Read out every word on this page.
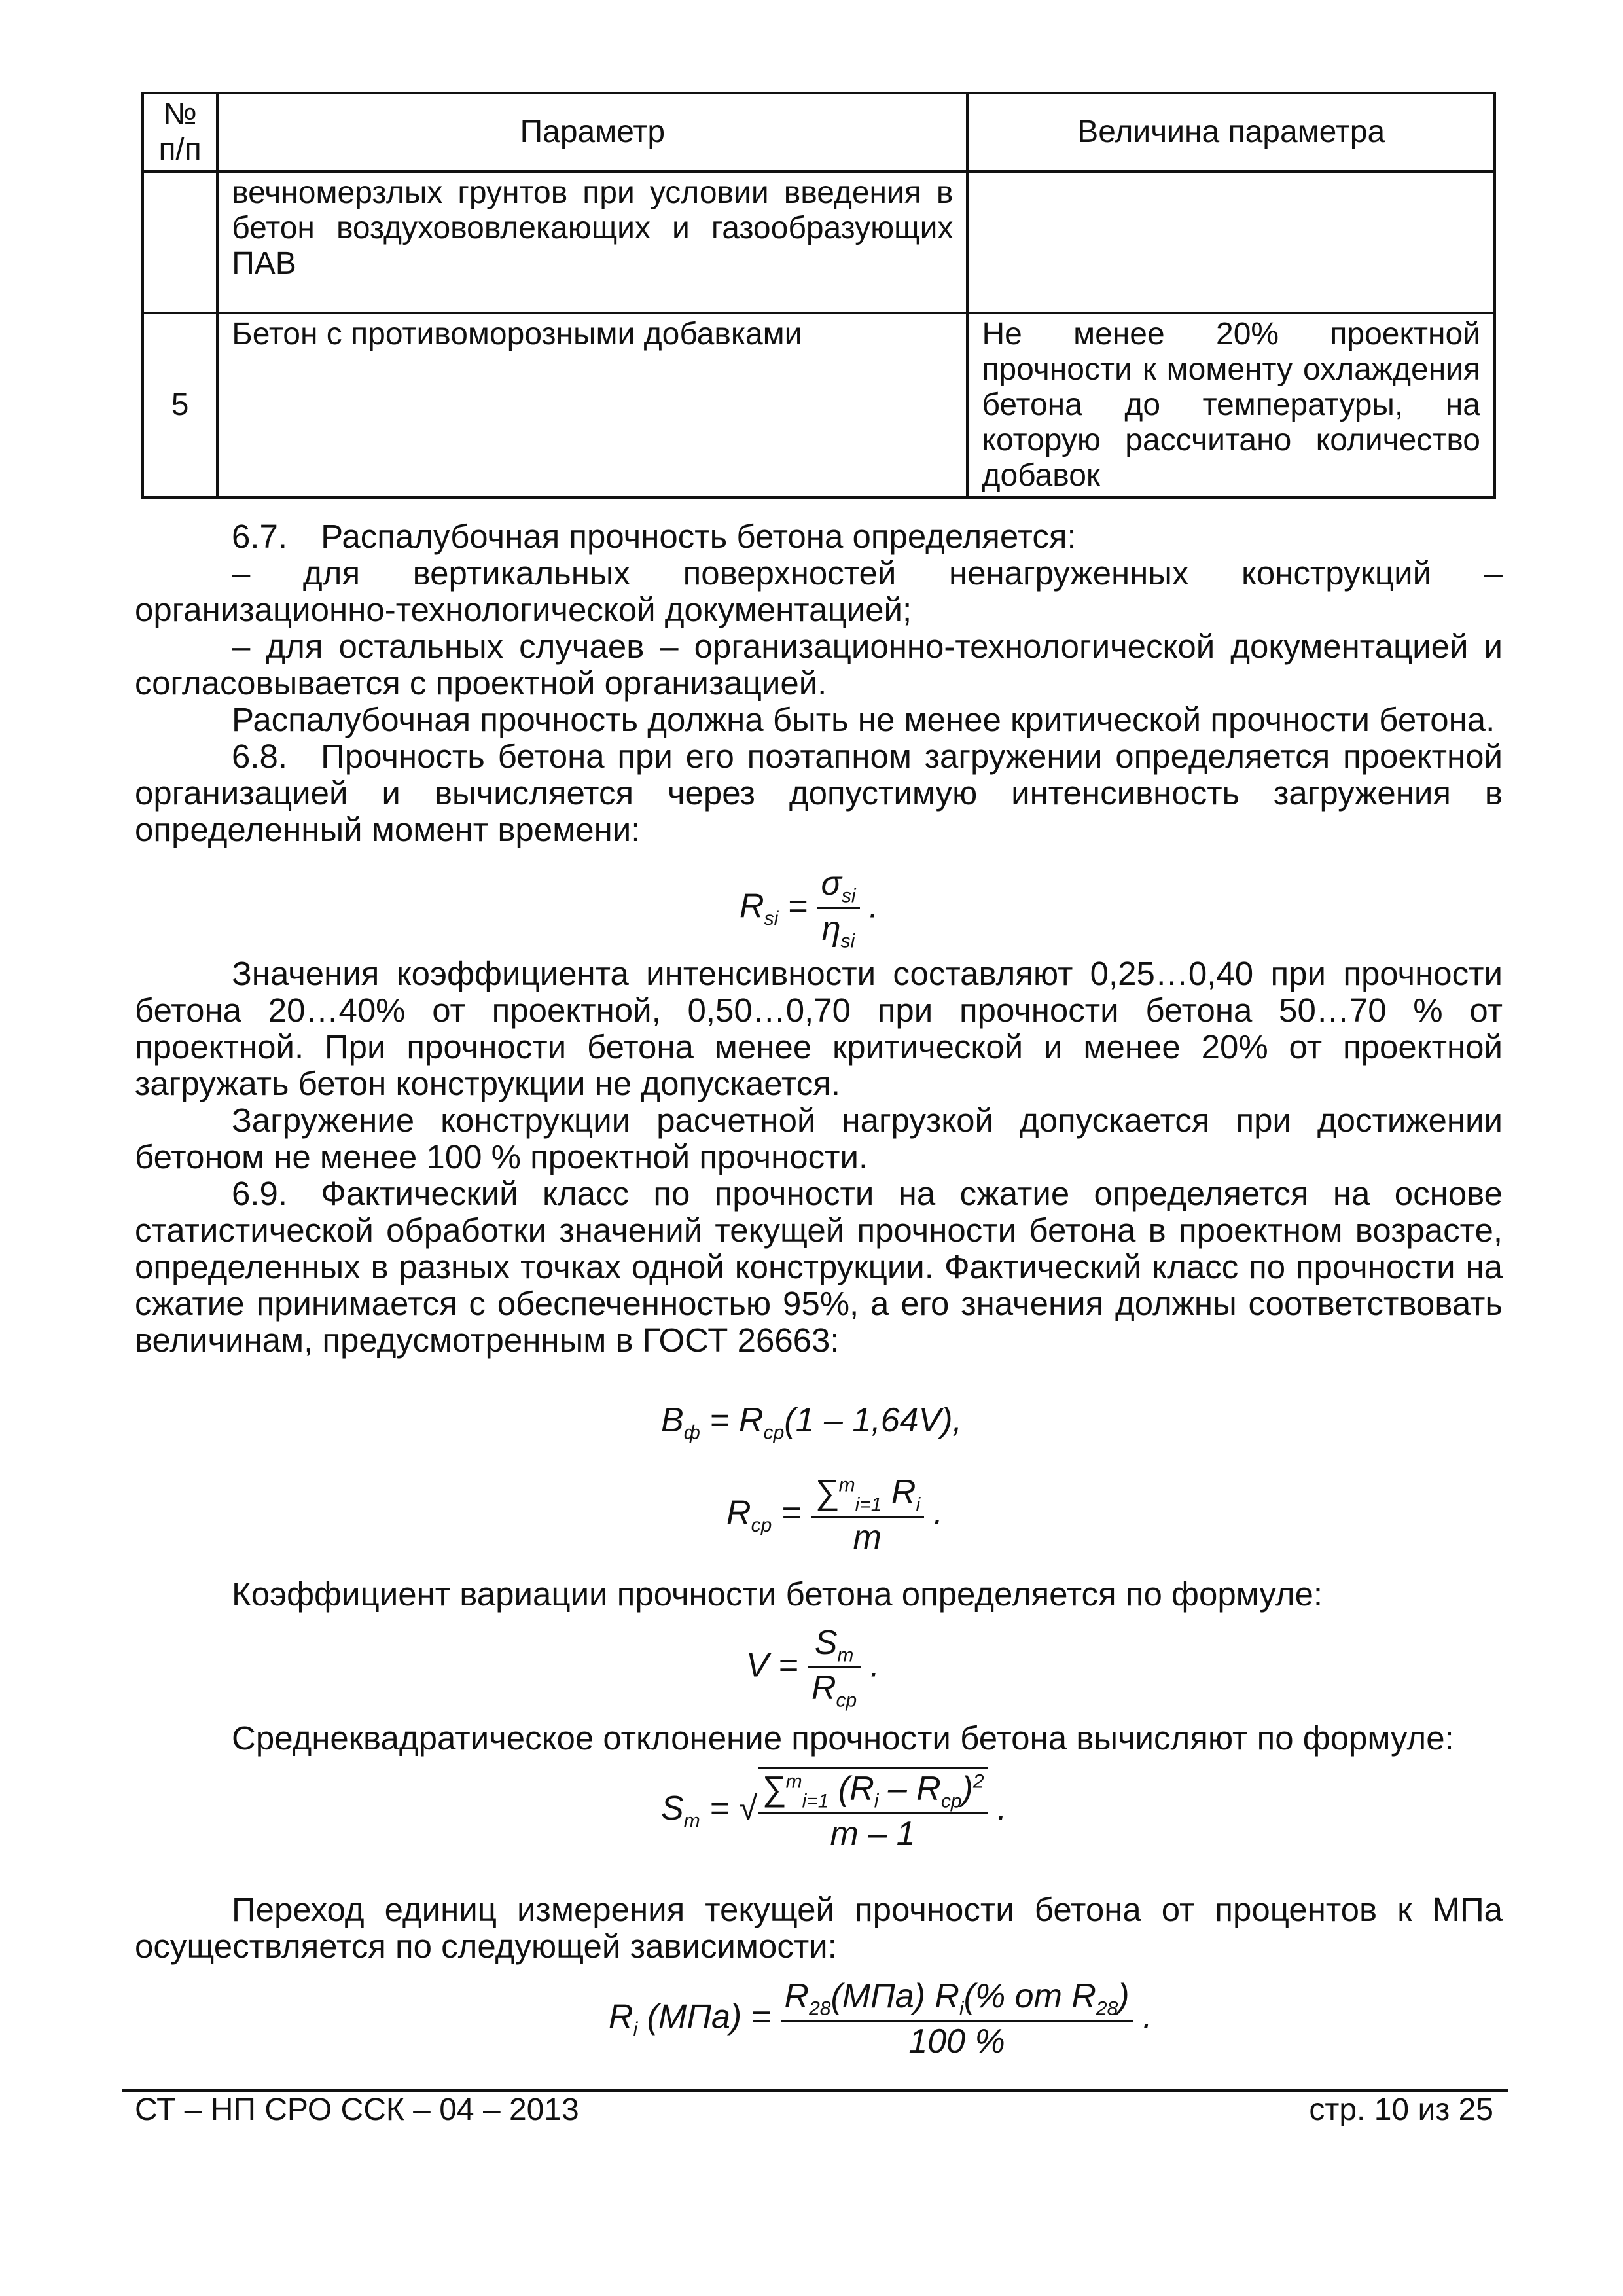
№ п/п	Параметр	Величина параметра
	вечномерзлых грунтов при условии введения в бетон воздухововлекающих и газообразующих ПАВ	
5	Бетон с противоморозными добавками	Не менее 20% проектной прочности к моменту охлаждения бетона до температуры, на которую рассчитано количество добавок

6.7. Распалубочная прочность бетона определяется:

– для вертикальных поверхностей ненагруженных конструкций – организационно-технологической документацией;

– для остальных случаев – организационно-технологической документацией и согласовывается с проектной организацией.

Распалубочная прочность должна быть не менее критической прочности бетона.

6.8. Прочность бетона при его поэтапном загружении определяется проектной организацией и вычисляется через допустимую интенсивность загружения в определенный момент времени:

$R_{si} = \frac{\sigma_{si}}{\eta_{si}}$ .

Значения коэффициента интенсивности составляют 0,25…0,40 при прочности бетона 20…40% от проектной, 0,50…0,70 при прочности бетона 50…70 % от проектной. При прочности бетона менее критической и менее 20% от проектной загружать бетон конструкции не допускается.

Загружение конструкции расчетной нагрузкой допускается при достижении бетоном не менее 100 % проектной прочности.

6.9. Фактический класс по прочности на сжатие определяется на основе статистической обработки значений текущей прочности бетона в проектном возрасте, определенных в разных точках одной конструкции. Фактический класс по прочности на сжатие принимается с обеспеченностью 95%, а его значения должны соответствовать величинам, предусмотренным в ГОСТ 26663:

$B_ф = R_{ср}(1 - 1,64V)$,
$R_{ср} = \frac{\sum^m_{i=1} R_i}{m}$ .

Коэффициент вариации прочности бетона определяется по формуле:

$V = \frac{S_m}{R_{ср}}$ .

Среднеквадратическое отклонение прочности бетона вычисляют по формуле:

$S_m$ = √ $\frac{\sum^m_{i=1} (R_i - R_{ср})^2}{m - 1}$ .

Переход единиц измерения текущей прочности бетона от процентов к МПа осуществляется по следующей зависимости:

$R_i$ $(МПа) = \frac{R_{28}(МПа) R_i(\% от R_{28})}{100 \%}$ .
СТ – НП СРО ССК – 04 – 2013	стр. 10 из 25
